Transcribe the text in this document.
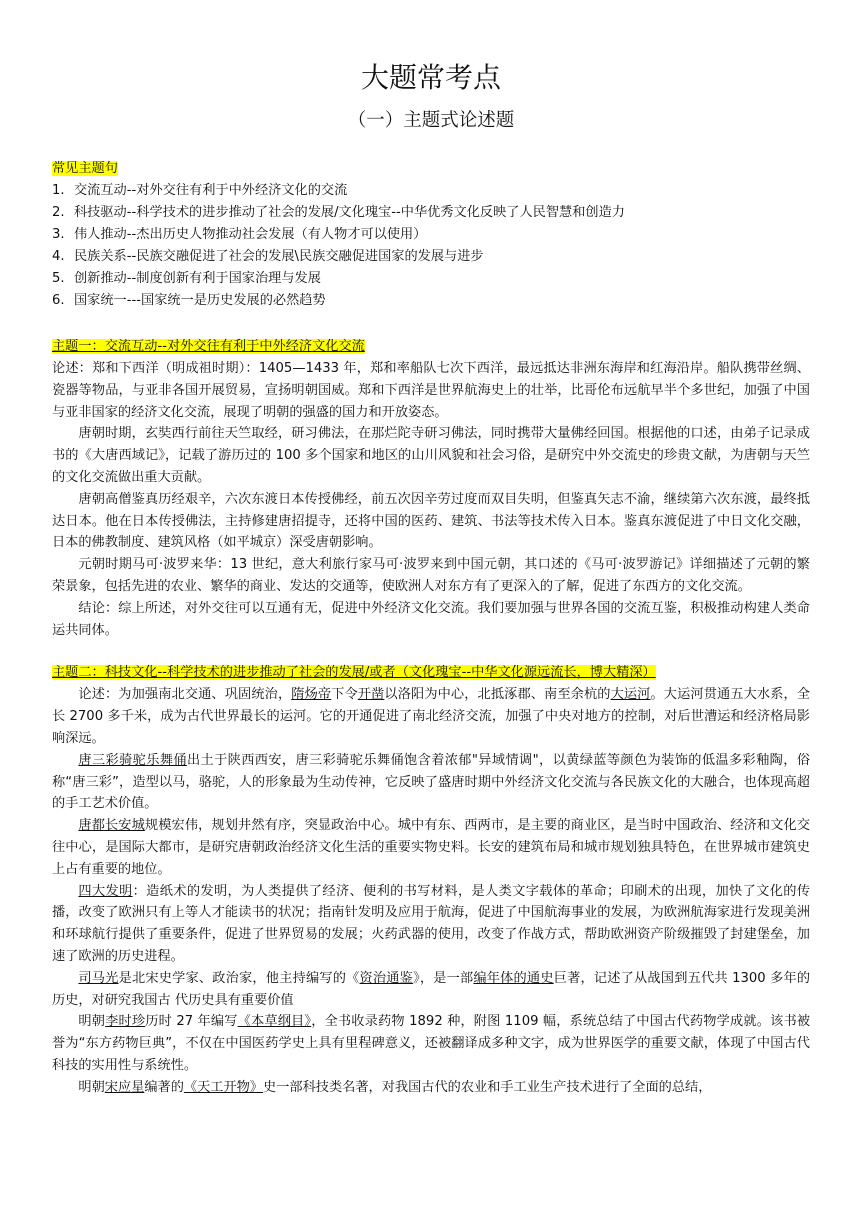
大题常考点
（一）主题式论述题

常见主题句

1. 交流互动--对外交往有利于中外经济文化的交流
2. 科技驱动--科学技术的进步推动了社会的发展/文化瑰宝--中华优秀文化反映了人民智慧和创造力
3. 伟人推动--杰出历史人物推动社会发展（有人物才可以使用）
4. 民族关系--民族交融促进了社会的发展\民族交融促进国家的发展与进步
5. 创新推动--制度创新有利于国家治理与发展
6. 国家统一---国家统一是历史发展的必然趋势

主题一：交流互动--对外交往有利于中外经济文化交流

论述：郑和下西洋（明成祖时期）：1405—1433 年，郑和率船队七次下西洋，最远抵达非洲东海岸和红海沿岸。船队携带丝绸、瓷器等物品，与亚非各国开展贸易，宣扬明朝国威。郑和下西洋是世界航海史上的壮举，比哥伦布远航早半个多世纪，加强了中国与亚非国家的经济文化交流，展现了明朝的强盛的国力和开放姿态。

唐朝时期，玄奘西行前往天竺取经，研习佛法，在那烂陀寺研习佛法，同时携带大量佛经回国。根据他的口述，由弟子记录成书的《大唐西域记》，记载了游历过的 100 多个国家和地区的山川风貌和社会习俗，是研究中外交流史的珍贵文献，为唐朝与天竺的文化交流做出重大贡献。

唐朝高僧鉴真历经艰辛，六次东渡日本传授佛经，前五次因辛劳过度而双目失明，但鉴真矢志不渝，继续第六次东渡，最终抵达日本。他在日本传授佛法，主持修建唐招提寺，还将中国的医药、建筑、书法等技术传入日本。鉴真东渡促进了中日文化交融，日本的佛教制度、建筑风格（如平城京）深受唐朝影响。

元朝时期马可·波罗来华：13 世纪，意大利旅行家马可·波罗来到中国元朝，其口述的《马可·波罗游记》详细描述了元朝的繁荣景象，包括先进的农业、繁华的商业、发达的交通等，使欧洲人对东方有了更深入的了解，促进了东西方的文化交流。

结论：综上所述，对外交往可以互通有无，促进中外经济文化交流。我们要加强与世界各国的交流互鉴，积极推动构建人类命运共同体。

主题二：科技文化--科学技术的进步推动了社会的发展/或者（文化瑰宝--中华文化源远流长，博大精深）

论述：为加强南北交通、巩固统治，隋炀帝下令开凿以洛阳为中心，北抵涿郡、南至余杭的大运河。大运河贯通五大水系，全长 2700 多千米，成为古代世界最长的运河。它的开通促进了南北经济交流，加强了中央对地方的控制，对后世漕运和经济格局影响深远。

唐三彩骑驼乐舞俑出土于陕西西安，唐三彩骑驼乐舞俑饱含着浓郁"异域情调"，以黄绿蓝等颜色为装饰的低温多彩釉陶，俗称“唐三彩”，造型以马，骆驼，人的形象最为生动传神，它反映了盛唐时期中外经济文化交流与各民族文化的大融合，也体现高超的手工艺术价值。

唐都长安城规模宏伟，规划井然有序，突显政治中心。城中有东、西两市，是主要的商业区，是当时中国政治、经济和文化交往中心，是国际大都市，是研究唐朝政治经济文化生活的重要实物史料。长安的建筑布局和城市规划独具特色，在世界城市建筑史上占有重要的地位。

四大发明：造纸术的发明，为人类提供了经济、便利的书写材料，是人类文字载体的革命；印刷术的出现，加快了文化的传播，改变了欧洲只有上等人才能读书的状况；指南针发明及应用于航海，促进了中国航海事业的发展，为欧洲航海家进行发现美洲和环球航行提供了重要条件，促进了世界贸易的发展；火药武器的使用，改变了作战方式，帮助欧洲资产阶级摧毁了封建堡垒，加速了欧洲的历史进程。

司马光是北宋史学家、政治家，他主持编写的《资治通鉴》，是一部编年体的通史巨著，记述了从战国到五代共 1300 多年的历史，对研究我国古 代历史具有重要价值

明朝李时珍历时 27 年编写《本草纲目》，全书收录药物 1892 种，附图 1109 幅，系统总结了中国古代药物学成就。该书被誉为“东方药物巨典”，不仅在中国医药学史上具有里程碑意义，还被翻译成多种文字，成为世界医学的重要文献，体现了中国古代科技的实用性与系统性。

明朝宋应星编著的《天工开物》史一部科技类名著，对我国古代的农业和手工业生产技术进行了全面的总结，
